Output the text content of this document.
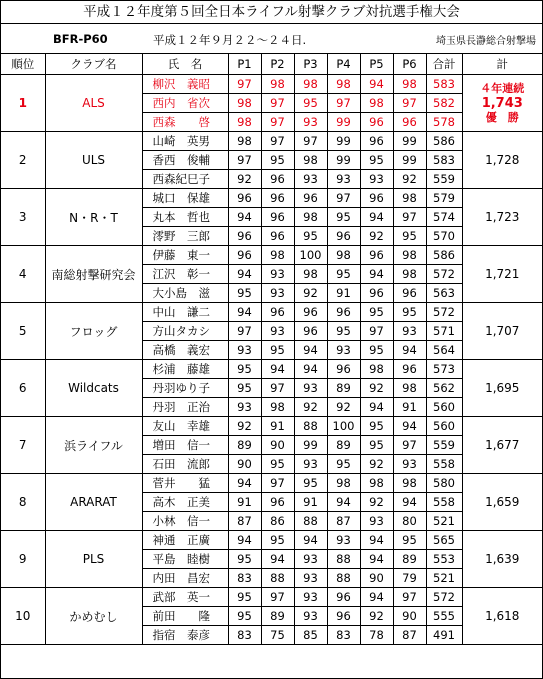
平成１２年度第５回全日本ライフル射撃クラブ対抗選手権大会
BFR-P60	平成１２年９月２２～２４日.	埼玉県長瀞総合射撃場
順位	クラブ名	氏　名	P1	P2	P3	P4	P5	P6	合計	計
1	ALS	柳沢　義昭	97	98	98	98	94	98	583	４年連続
1,743
優　勝

		西内　省次	98	97	95	97	98	97	582	
		西森　　啓	98	97	93	99	96	96	578	
2	ULS	山崎　英男	98	97	97	99	96	99	586	1,728
		香西　俊輔	97	95	98	99	95	99	583	
		西森紀巳子	92	96	93	93	93	92	559	
3	N・R・T	城口　保雄	96	96	96	97	96	98	579	1,723
		丸本　哲也	94	96	98	95	94	97	574	
		澪野　三郎	96	96	95	96	92	95	570	
4	南総射撃研究会	伊藤　東一	96	98	100	98	96	98	586	1,721
		江沢　彰一	94	93	98	95	94	98	572	
		大小島　滋	95	93	92	91	96	96	563	
5	フロッグ	中山　謙二	94	96	96	96	95	95	572	1,707
		方山タカシ	97	93	96	95	97	93	571	
		高橋　義宏	93	95	94	93	95	94	564	
6	Wildcats	杉浦　藤雄	95	94	94	96	98	96	573	1,695
		丹羽ゆり子	95	97	93	89	92	98	562	
		丹羽　正治	93	98	92	92	94	91	560	
7	浜ライフル	友山　幸雄	92	91	88	100	95	94	560	1,677
		増田　信一	89	90	99	89	95	97	559	
		石田　流郎	90	95	93	95	92	93	558	
8	ARARAT	菅井　　猛	94	97	95	98	98	98	580	1,659
		高木　正美	91	96	91	94	92	94	558	
		小林　信一	87	86	88	87	93	80	521	
9	PLS	神通　正廣	94	95	94	93	94	95	565	1,639
		平島　睦樹	95	94	93	88	94	89	553	
		内田　昌宏	83	88	93	88	90	79	521	
10	かめむし	武部　英一	95	97	93	96	94	97	572	1,618
		前田　　隆	95	89	93	96	92	90	555	
		指宿　泰彦	83	75	85	83	78	87	491	
